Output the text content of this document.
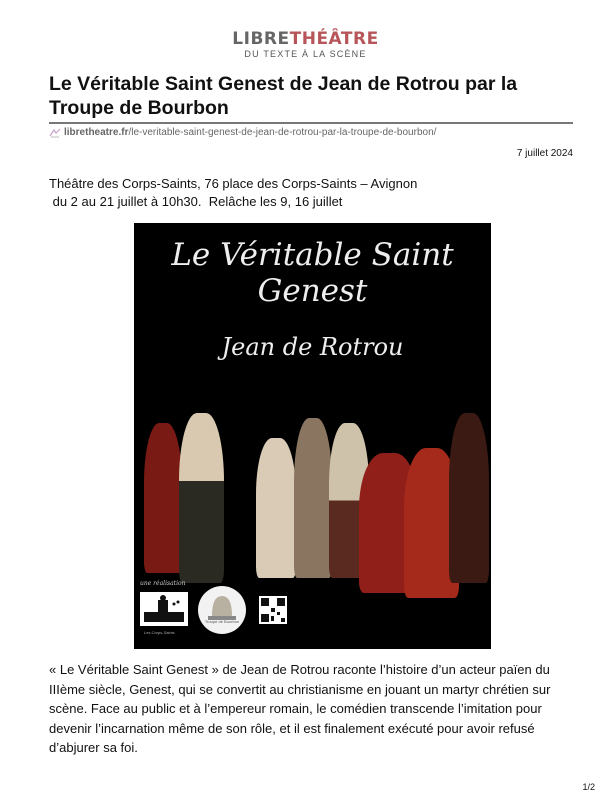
LIBRETHÉÂTRE
DU TEXTE À LA SCÈNE
Le Véritable Saint Genest de Jean de Rotrou par la Troupe de Bourbon
libretheatre.fr /le-veritable-saint-genest-de-jean-de-rotrou-par-la-troupe-de-bourbon/
7 juillet 2024
Théâtre des Corps-Saints, 76 place des Corps-Saints – Avignon
du 2 au 21 juillet à 10h30.  Relâche les 9, 16 juillet
Le Véritable Saint Genest
Jean de Rotrou
une réalisation
Troupe de Bourbon
Les Corps-Saints
« Le Véritable Saint Genest » de Jean de Rotrou raconte l’histoire d’un acteur païen du IIIème siècle, Genest, qui se convertit au christianisme en jouant un martyr chrétien sur scène. Face au public et à l’empereur romain, le comédien transcende l’imitation pour devenir l’incarnation même de son rôle, et il est finalement exécuté pour avoir refusé d’abjurer sa foi.
1/2
